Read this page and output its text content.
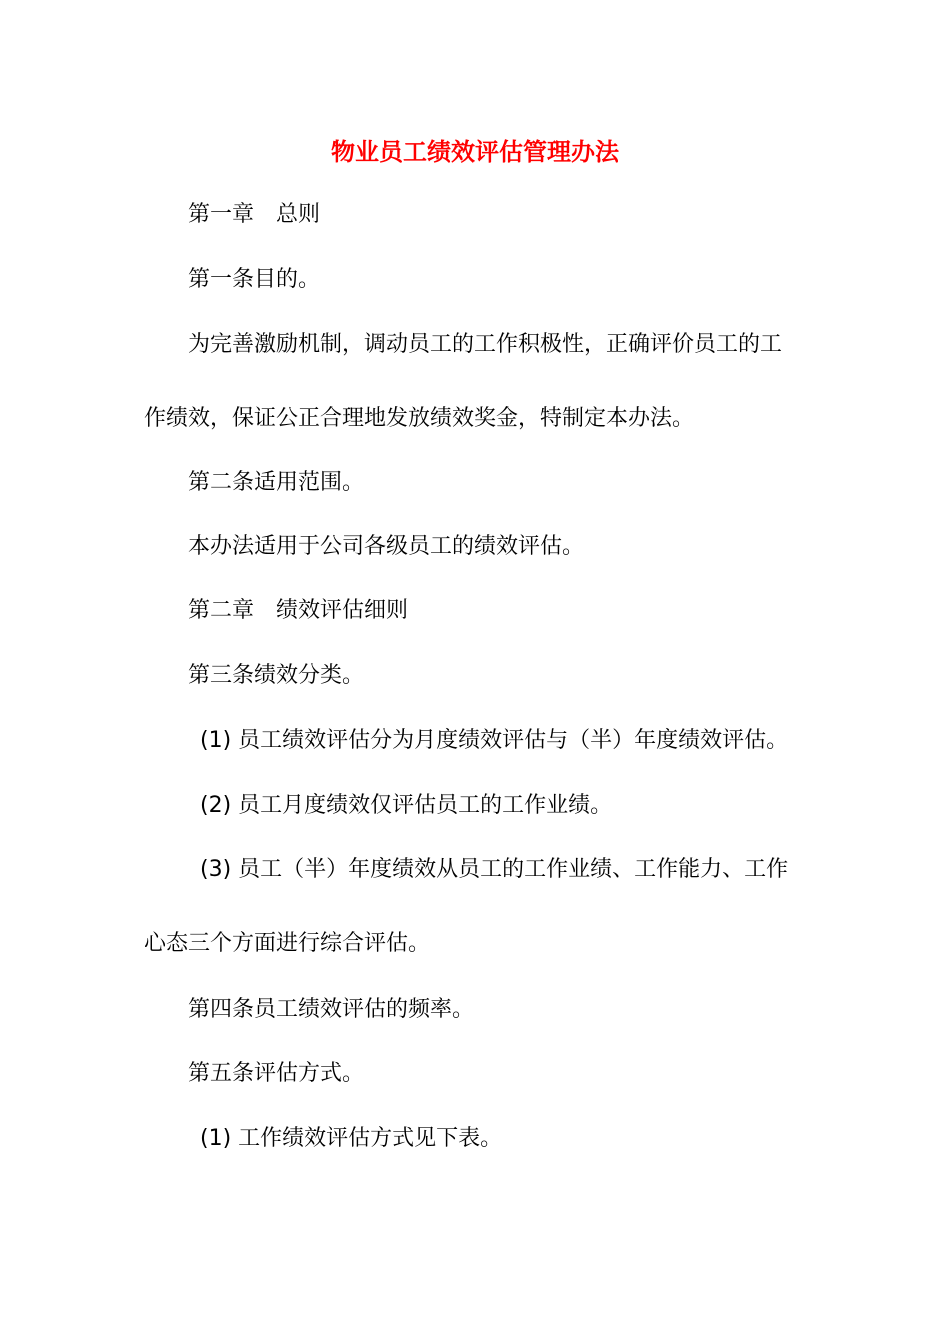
物业员工绩效评估管理办法

第一章 总则

第一条目的。

为完善激励机制，调动员工的工作积极性，正确评价员工的工

作绩效，保证公正合理地发放绩效奖金，特制定本办法。

第二条适用范围。

本办法适用于公司各级员工的绩效评估。

第二章 绩效评估细则

第三条绩效分类。

(1) 员工绩效评估分为月度绩效评估与（半）年度绩效评估。

(2) 员工月度绩效仅评估员工的工作业绩。

(3) 员工（半）年度绩效从员工的工作业绩、工作能力、工作

心态三个方面进行综合评估。

第四条员工绩效评估的频率。

第五条评估方式。

(1) 工作绩效评估方式见下表。
